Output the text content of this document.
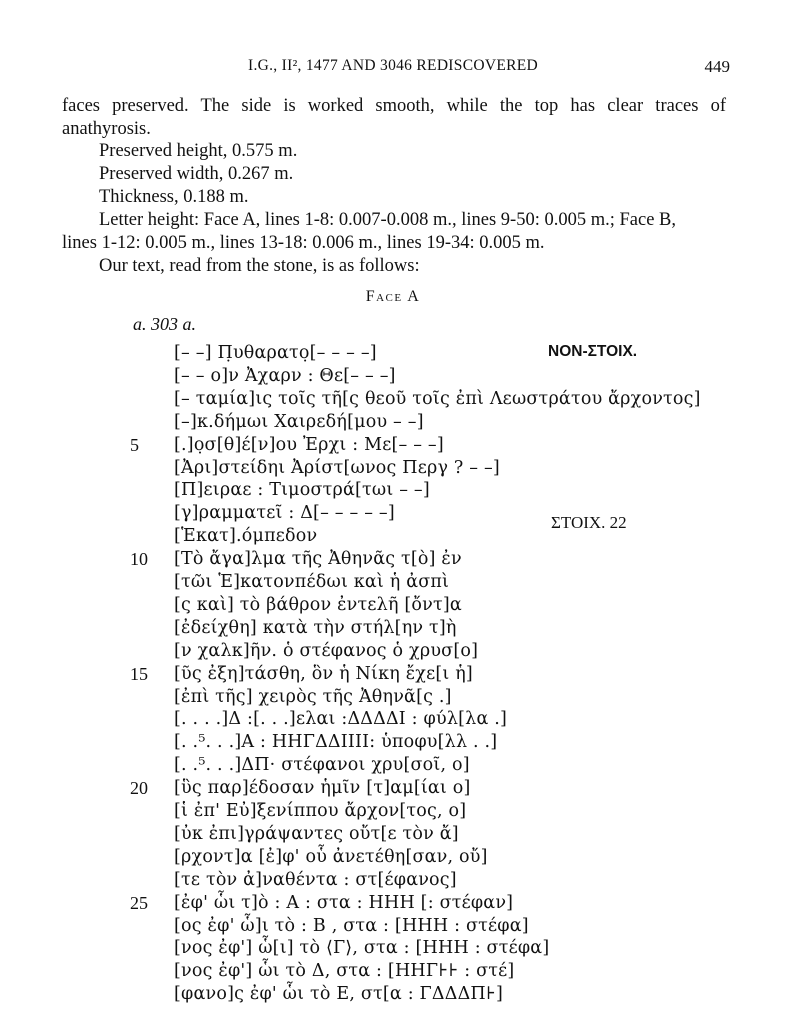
I.G., II², 1477 AND 3046 REDISCOVERED	449
faces preserved. The side is worked smooth, while the top has clear traces of
anathyrosis.
Preserved height, 0.575 m.
Preserved width, 0.267 m.
Thickness, 0.188 m.
Letter height: Face A, lines 1-8: 0.007-0.008 m., lines 9-50: 0.005 m.; Face B,
lines 1-12: 0.005 m., lines 13-18: 0.006 m., lines 19-34: 0.005 m.
Our text, read from the stone, is as follows:
Face A
a. 303 a.
NON-ΣΤΟΙΧ.
ΣΤΟΙΧ. 22
[– –] Π̣υθαρατο̣[– – – –]
[– – ο]ν Ἀχαρν : Θε[– – –]
[– ταμία]ις τοῖς τῆ[ς θεοῦ τοῖς ἐπὶ Λεωστράτου ἄρχοντος]
[–]κ.δήμωι Χαιρεδή[μου – –]
5	[.]ο̣σ[θ]έ[ν]ου Ἐρχι : Με[– – –]
[Ἀρι]στείδηι Ἀρίστ[ωνος Περγ ? – –]
[Π]ειραε : Τιμοστρά[τωι – –]
[γ]ραμματεῖ : Δ[– – – – –]
[Ἑκατ].όμπεδον
10	[Τὸ ἄγα]λμα τῆς Ἀθηνᾶς τ[ὸ] ἐν
[τῶι Ἑ]κατονπέδωι καὶ ἡ ἀσπὶ
[ς καὶ] τὸ βάθρον ἐντελῆ [ὄντ]α
[ἐδείχθη] κατὰ τὴν στήλ[ην τ]ὴ
[ν χαλκ]ῆν. ὁ στέφανος ὁ χρυσ[ο]
15	[ῦς ἐξη]τάσθη, ὃν ἡ Νίκη ἔχε[ι ἡ]
[ἐπὶ τῆς] χειρὸς τῆς Ἀθηνᾶ[ς .]
[. . . .]Δ :[. . .]ελαι :ΔΔΔΔΙ : φύλ[λα .]
[. .⁵. . .]Α : ΗΗΓΔΔΙΙΙΙ: ὑποφυ[λλ . .]
[. .⁵. . .]ΔΠ· στέφανοι χρυ[σοῖ, ο]
20	[ὓς παρ]έδοσαν ἡμῖν [τ]αμ[ίαι ο]
[ἱ ἐπ' Εὐ]ξενίππου ἄρχον[τος, ο]
[ὐκ ἐπι]γράψαντες οὔτ[ε τὸν ἄ]
[ρχοντ]α [ἐ]φ' οὗ ἀνετέθη[σαν, οὔ]
[τε τὸν ἀ]ναθέντα : στ[έφανος]
25	[ἐφ' ὧι τ]ὸ : Α : στα : ΗΗΗ [: στέφαν]
[ος ἐφ' ὧ]ι τὸ : Β , στα : [ΗΗΗ : στέφα]
[νος ἐφ'] ὧ[ι] τὸ ⟨Γ⟩, στα : [ΗΗΗ : στέφα]
[νος ἐφ'] ὧι τὸ Δ, στα : [ΗΗΓ⊦⊦ : στέ]
[φανο]ς ἐφ' ὧι τὸ Ε, στ[α : ΓΔΔΔΠ⊦]
